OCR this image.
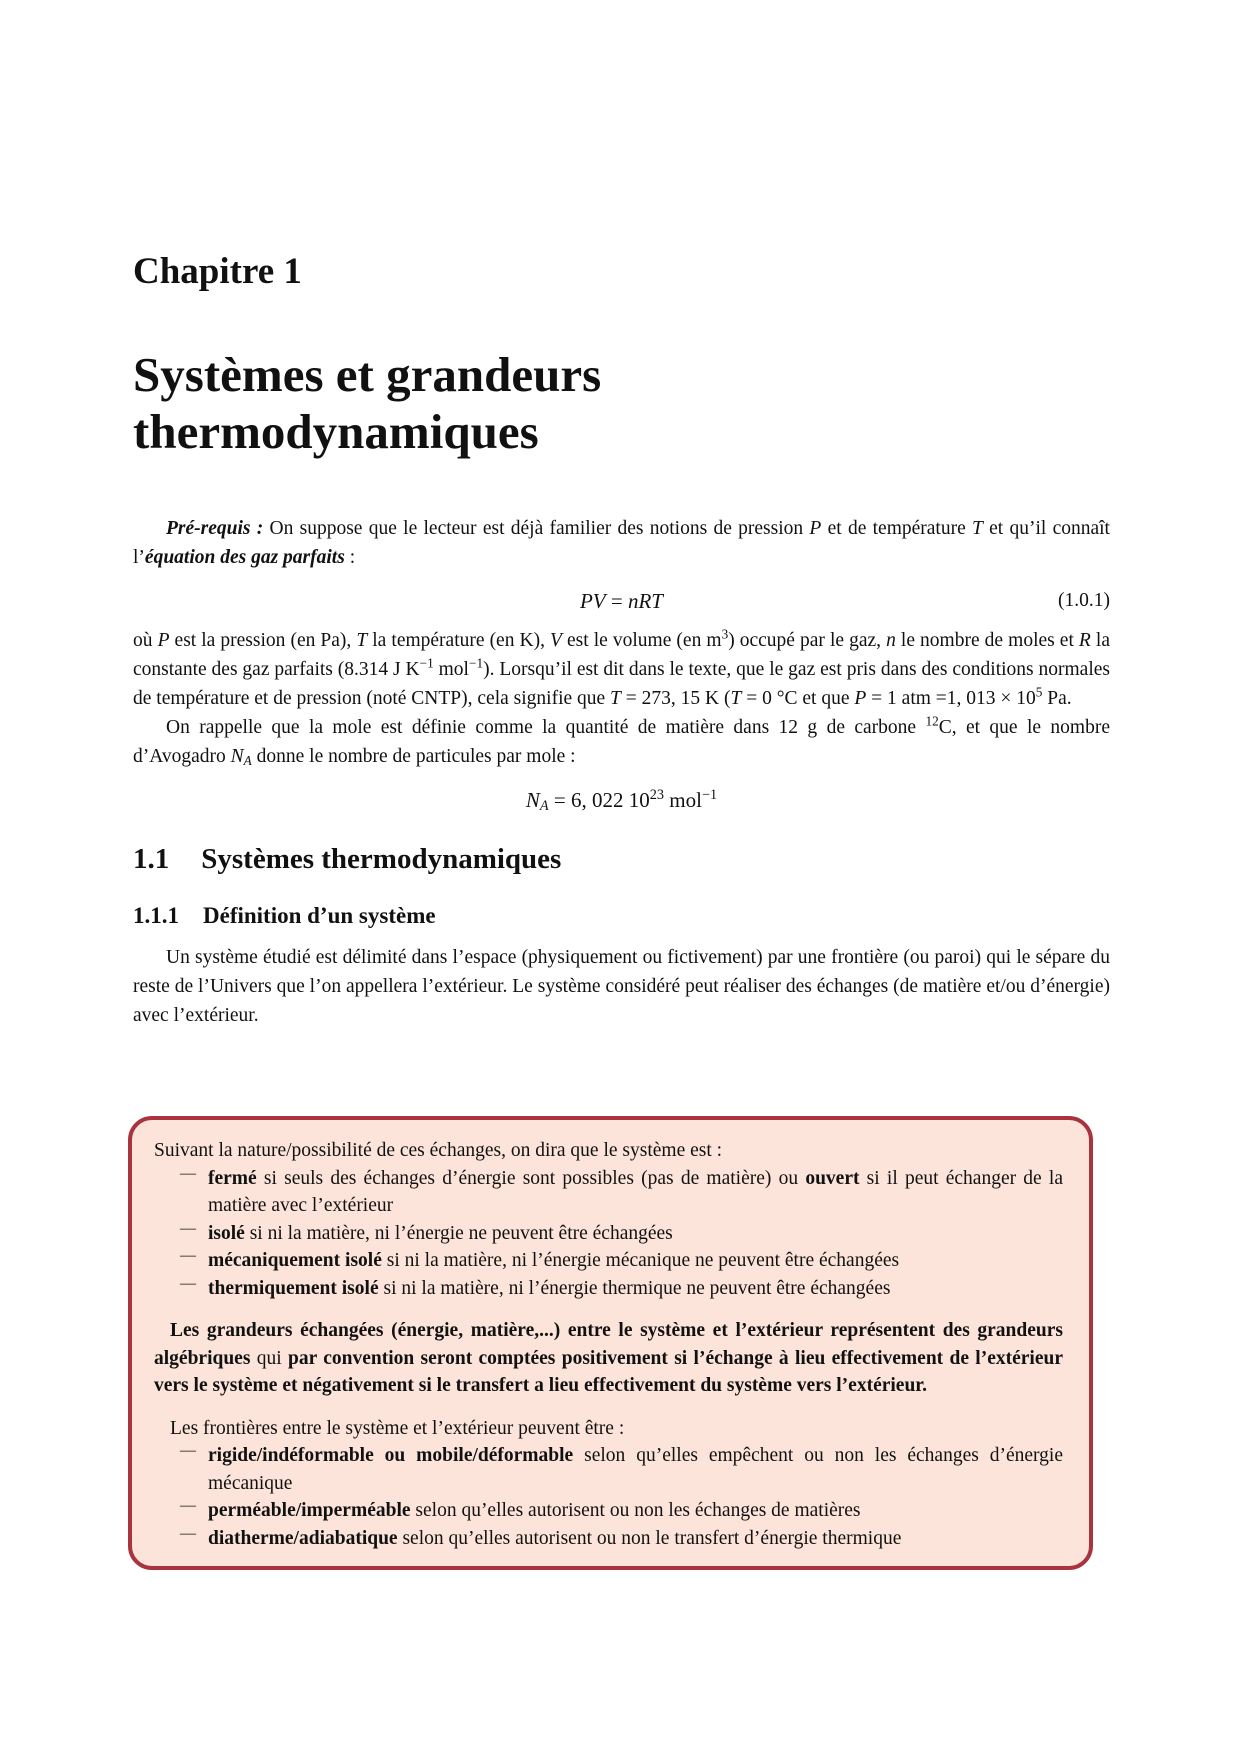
Chapitre 1
Systèmes et grandeurs
thermodynamiques

Pré-requis : On suppose que le lecteur est déjà familier des notions de pression P et de température T et qu’il connaît l’équation des gaz parfaits :

PV = nRT	(1.0.1)

où P est la pression (en Pa), T la température (en K), V est le volume (en $m^3$) occupé par le gaz, n le nombre de moles et R la constante des gaz parfaits (8.314 J $K^{-1}$ mol$^{-1}$). Lorsqu’il est dit dans le texte, que le gaz est pris dans des conditions normales de température et de pression (noté CNTP), cela signifie que T = 273, 15 K (T = 0 °C et que P = 1 atm =1, $013 \times 10^5$ Pa.

On rappelle que la mole est définie comme la quantité de matière dans 12 g de carbone $^{12}$C, et que le nombre d’Avogadro NA donne le nombre de particules par mole :

NA = 6, 022 $10^{23}$ mol$^{-1}$
1.1 Systèmes thermodynamiques
1.1.1 Définition d’un système

Un système étudié est délimité dans l’espace (physiquement ou fictivement) par une frontière (ou paroi) qui le sépare du reste de l’Univers que l’on appellera l’extérieur. Le système considéré peut réaliser des échanges (de matière et/ou d’énergie) avec l’extérieur.

Suivant la nature/possibilité de ces échanges, on dira que le système est :

— fermé si seuls des échanges d’énergie sont possibles (pas de matière) ou ouvert si il peut échanger de la matière avec l’extérieur
— isolé si ni la matière, ni l’énergie ne peuvent être échangées
— mécaniquement isolé si ni la matière, ni l’énergie mécanique ne peuvent être échangées
— thermiquement isolé si ni la matière, ni l’énergie thermique ne peuvent être échangées

Les grandeurs échangées (énergie, matière,...) entre le système et l’extérieur représentent des grandeurs algébriques qui par convention seront comptées positivement si l’échange à lieu effectivement de l’extérieur vers le système et négativement si le transfert a lieu effectivement du système vers l’extérieur.

Les frontières entre le système et l’extérieur peuvent être :

— rigide/indéformable ou mobile/déformable selon qu’elles empêchent ou non les échanges d’énergie mécanique
— perméable/imperméable selon qu’elles autorisent ou non les échanges de matières
— diatherme/adiabatique selon qu’elles autorisent ou non le transfert d’énergie thermique
